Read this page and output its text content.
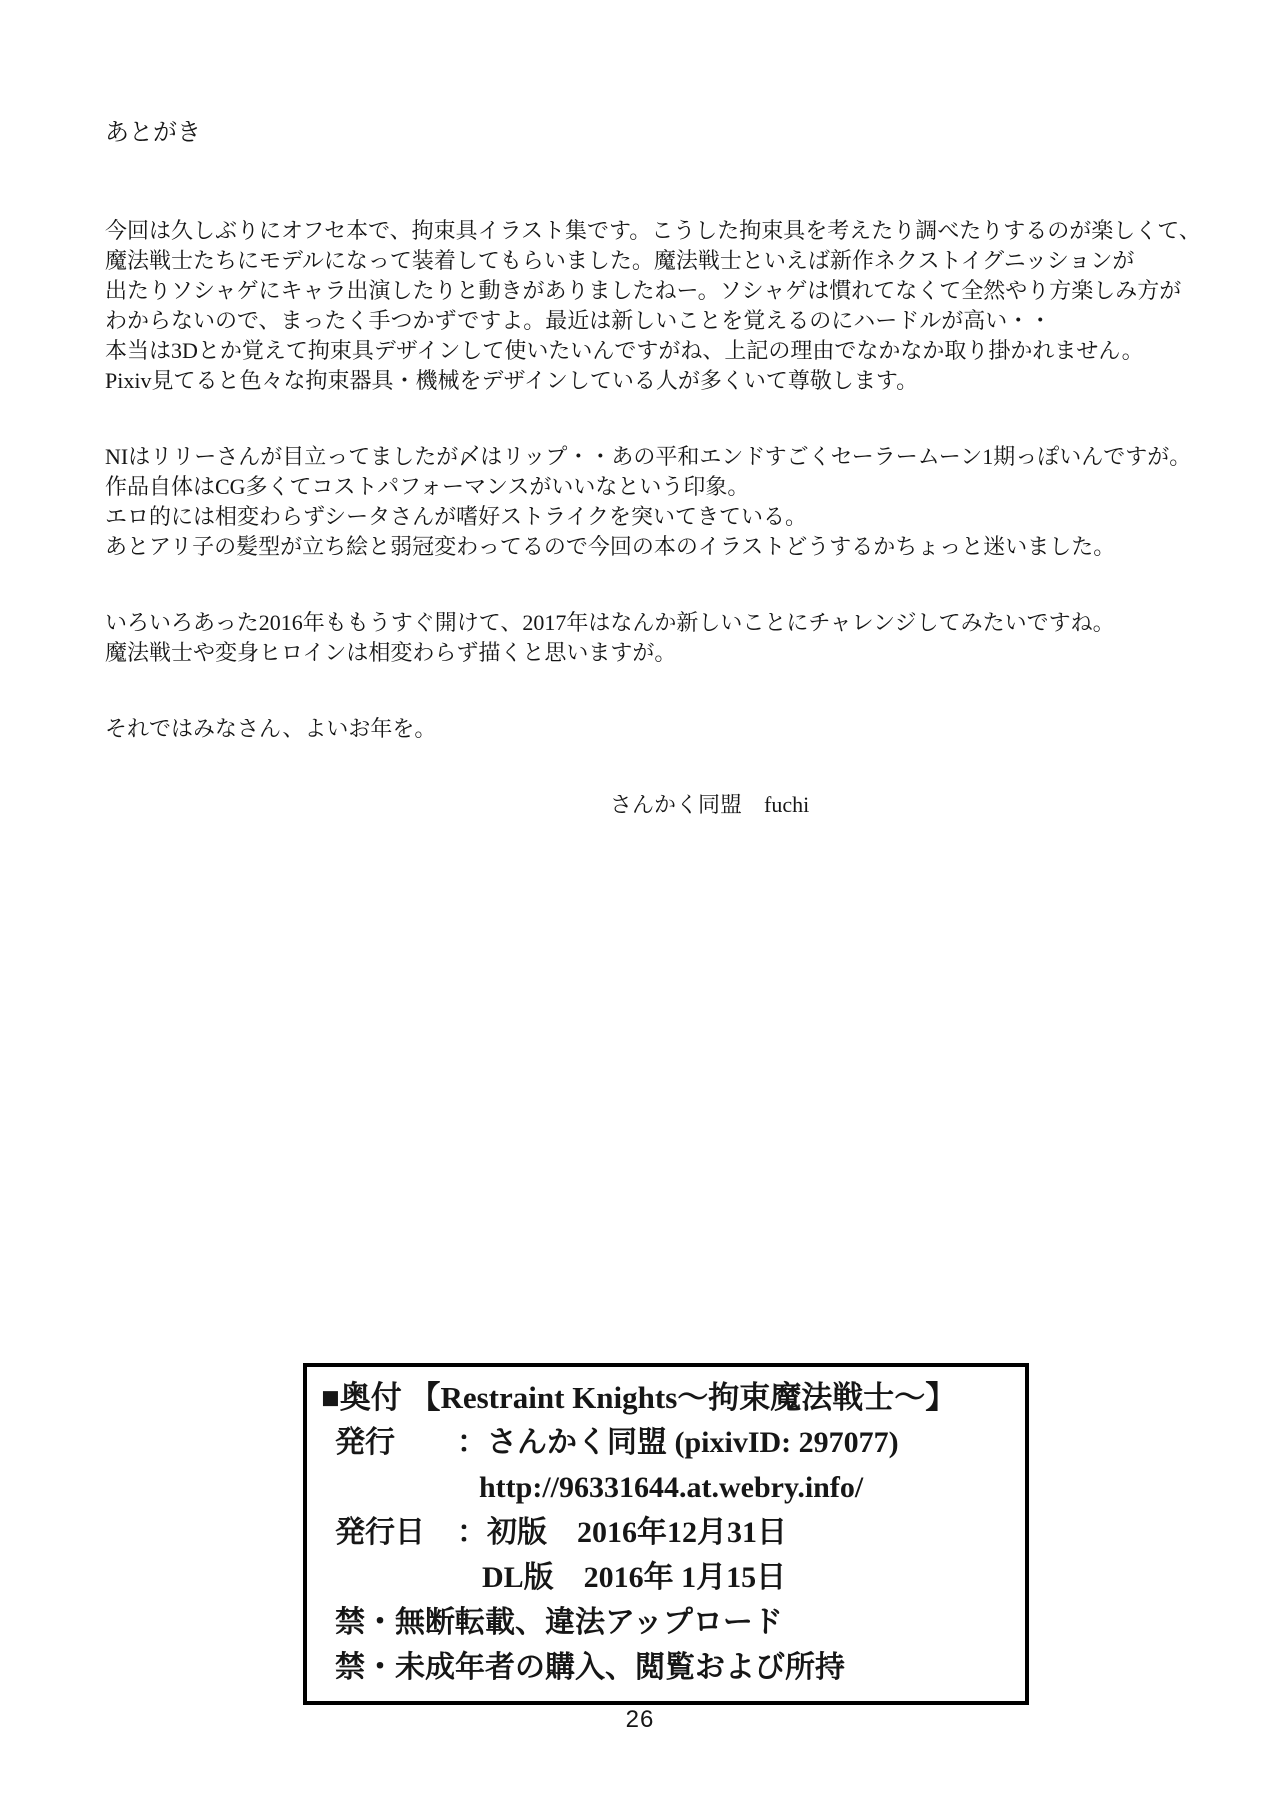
あとがき
今回は久しぶりにオフセ本で、拘束具イラスト集です。こうした拘束具を考えたり調べたりするのが楽しくて、
魔法戦士たちにモデルになって装着してもらいました。魔法戦士といえば新作ネクストイグニッションが
出たりソシャゲにキャラ出演したりと動きがありましたねー。ソシャゲは慣れてなくて全然やり方楽しみ方が
わからないので、まったく手つかずですよ。最近は新しいことを覚えるのにハードルが高い・・
本当は3Dとか覚えて拘束具デザインして使いたいんですがね、上記の理由でなかなか取り掛かれません。
Pixiv見てると色々な拘束器具・機械をデザインしている人が多くいて尊敬します。
NIはリリーさんが目立ってましたが〆はリップ・・あの平和エンドすごくセーラームーン1期っぽいんですが。
作品自体はCG多くてコストパフォーマンスがいいなという印象。
エロ的には相変わらずシータさんが嗜好ストライクを突いてきている。
あとアリ子の髪型が立ち絵と弱冠変わってるので今回の本のイラストどうするかちょっと迷いました。
いろいろあった2016年ももうすぐ開けて、2017年はなんか新しいことにチャレンジしてみたいですね。
魔法戦士や変身ヒロインは相変わらず描くと思いますが。
それではみなさん、よいお年を。
さんかく同盟　fuchi
■奥付 【Restraint Knights～拘束魔法戦士～】
発行 ：さんかく同盟 (pixivID: 297077)
http://96331644.at.webry.info/
発行日 ：初版　2016年12月31日
DL版　2016年 1月15日
禁・無断転載、違法アップロード
禁・未成年者の購入、閲覧および所持
26
